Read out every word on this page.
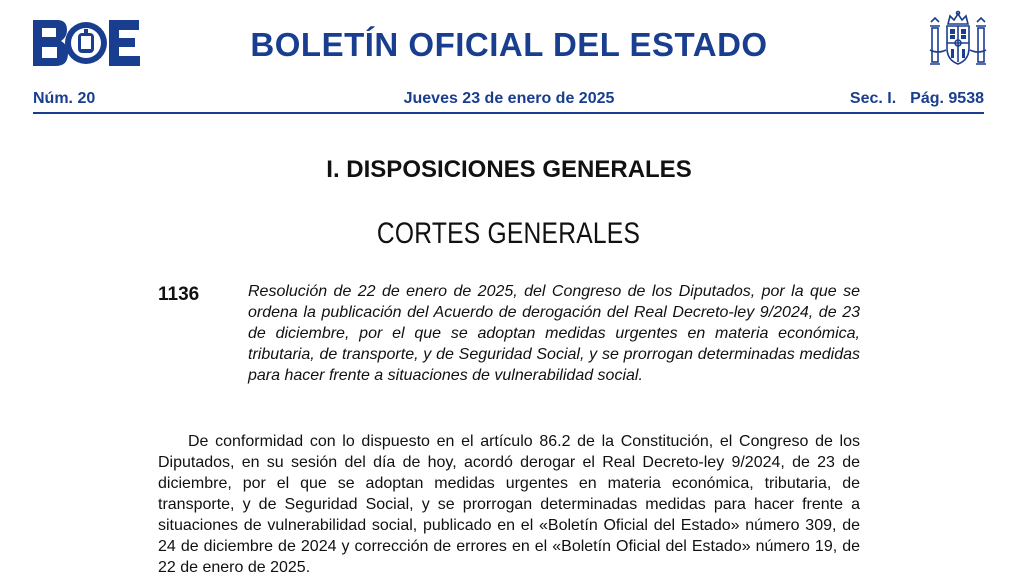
BOLETÍN OFICIAL DEL ESTADO
Núm. 20	Jueves 23 de enero de 2025	Sec. I. Pág. 9538
I. DISPOSICIONES GENERALES
CORTES GENERALES
1136	Resolución de 22 de enero de 2025, del Congreso de los Diputados, por la que se ordena la publicación del Acuerdo de derogación del Real Decreto-ley 9/2024, de 23 de diciembre, por el que se adoptan medidas urgentes en materia económica, tributaria, de transporte, y de Seguridad Social, y se prorrogan determinadas medidas para hacer frente a situaciones de vulnerabilidad social.

De conformidad con lo dispuesto en el artículo 86.2 de la Constitución, el Congreso de los Diputados, en su sesión del día de hoy, acordó derogar el Real Decreto-ley 9/2024, de 23 de diciembre, por el que se adoptan medidas urgentes en materia económica, tributaria, de transporte, y de Seguridad Social, y se prorrogan determinadas medidas para hacer frente a situaciones de vulnerabilidad social, publicado en el «Boletín Oficial del Estado» número 309, de 24 de diciembre de 2024 y corrección de errores en el «Boletín Oficial del Estado» número 19, de 22 de enero de 2025.
